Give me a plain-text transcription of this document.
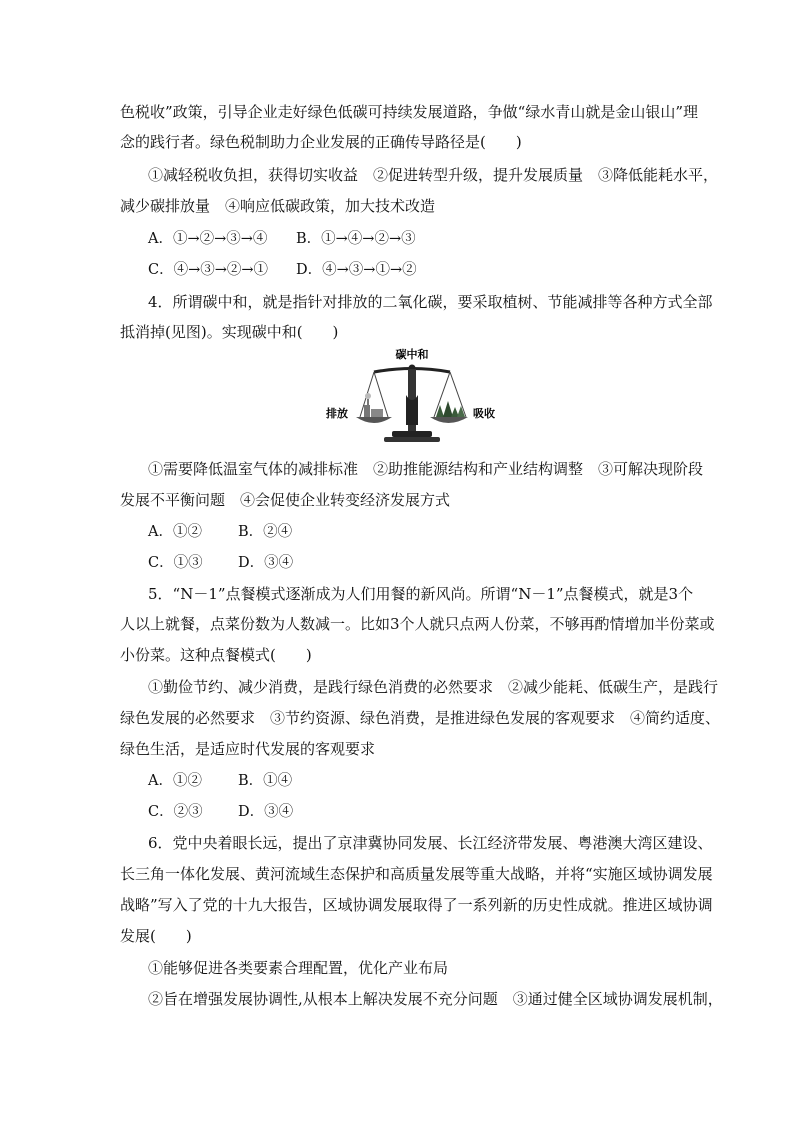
色税收”政策，引导企业走好绿色低碳可持续发展道路，争做“绿水青山就是金山银山”理
念的践行者。绿色税制助力企业发展的正确传导路径是(　　)
①减轻税收负担，获得切实收益　②促进转型升级，提升发展质量　③降低能耗水平，
减少碳排放量　④响应低碳政策，加大技术改造
A．①→②→③→④ B．①→④→②→③
C．④→③→②→① D．④→③→①→②
4．所谓碳中和，就是指针对排放的二氧化碳，要采取植树、节能减排等各种方式全部
抵消掉(见图)。实现碳中和(　　)
碳中和
排放	吸收
①需要降低温室气体的减排标准　②助推能源结构和产业结构调整　③可解决现阶段
发展不平衡问题　④会促使企业转变经济发展方式
A．①② B．②④
C．①③ D．③④
5．“N－1”点餐模式逐渐成为人们用餐的新风尚。所谓“N－1”点餐模式，就是3个
人以上就餐，点菜份数为人数减一。比如3个人就只点两人份菜，不够再酌情增加半份菜或
小份菜。这种点餐模式(　　)
①勤俭节约、减少消费，是践行绿色消费的必然要求　②减少能耗、低碳生产，是践行
绿色发展的必然要求　③节约资源、绿色消费，是推进绿色发展的客观要求　④简约适度、
绿色生活，是适应时代发展的客观要求
A．①② B．①④
C．②③ D．③④
6．党中央着眼长远，提出了京津冀协同发展、长江经济带发展、粤港澳大湾区建设、
长三角一体化发展、黄河流域生态保护和高质量发展等重大战略，并将“实施区域协调发展
战略”写入了党的十九大报告，区域协调发展取得了一系列新的历史性成就。推进区域协调
发展(　　)
①能够促进各类要素合理配置，优化产业布局
②旨在增强发展协调性,从根本上解决发展不充分问题　③通过健全区域协调发展机制，
